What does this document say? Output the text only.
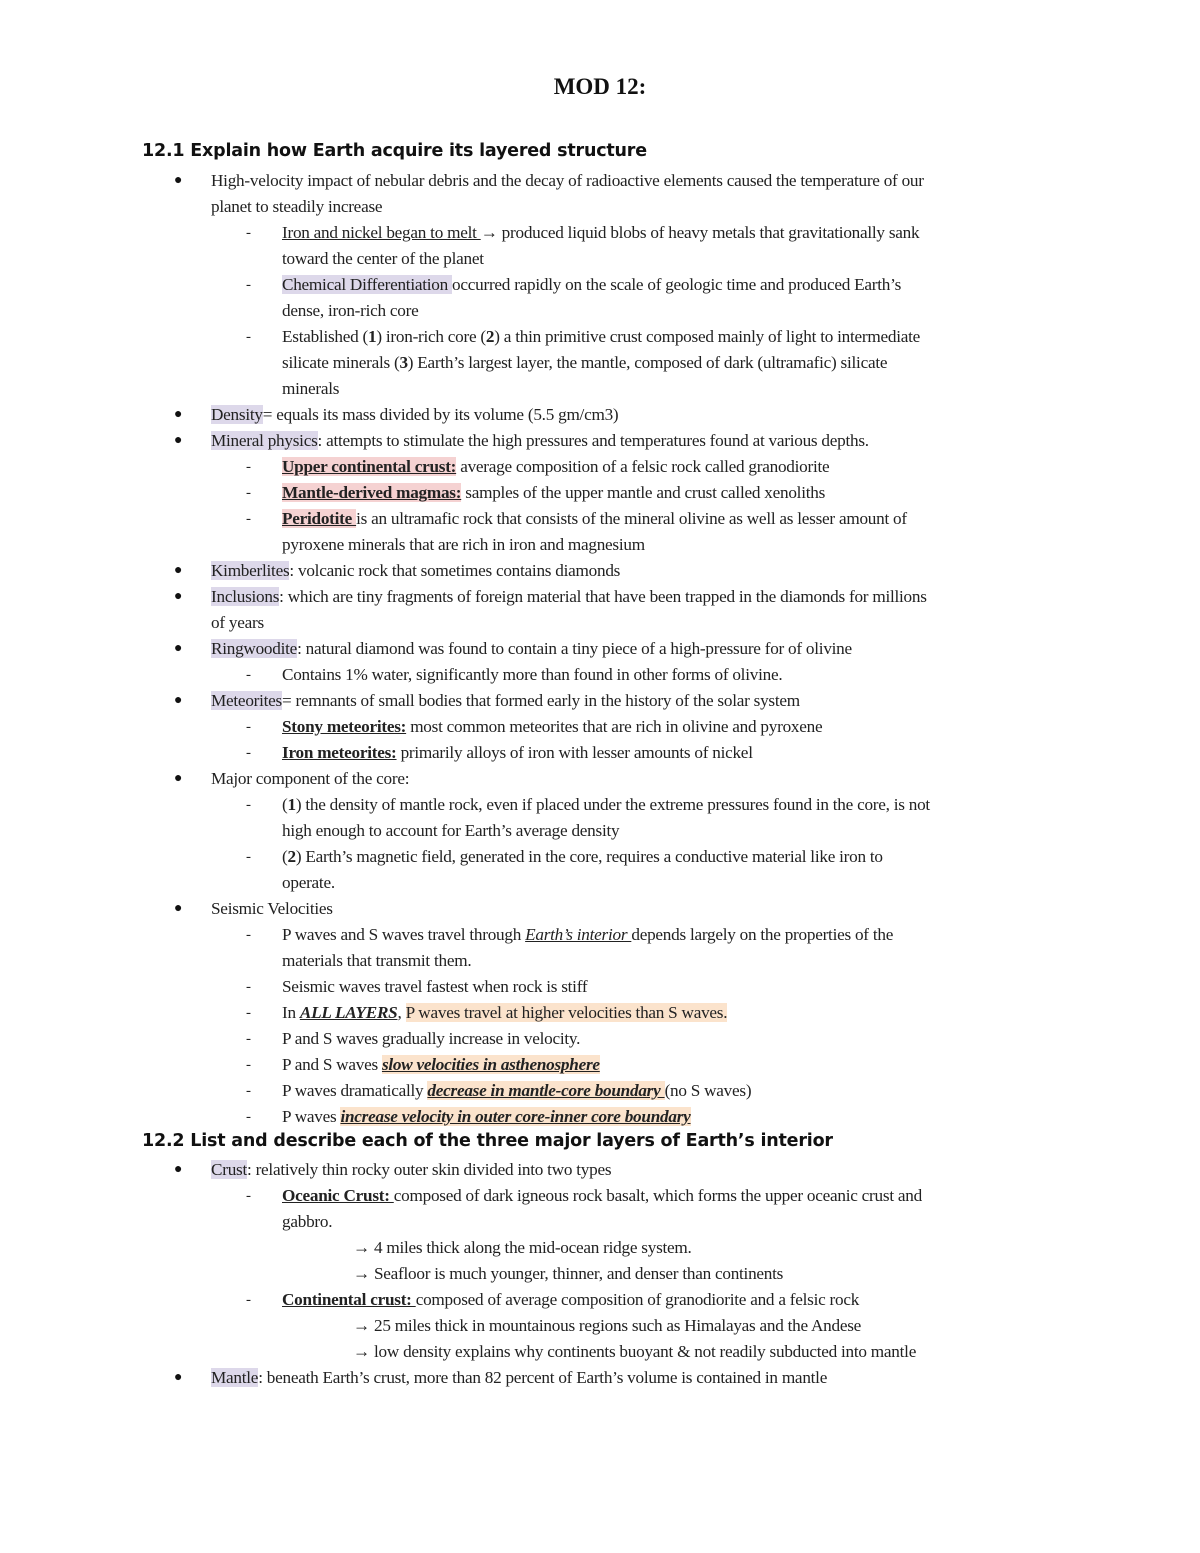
MOD 12:
12.1 Explain how Earth acquire its layered structure
● High-velocity impact of nebular debris and the decay of radioactive elements caused the temperature of our
planet to steadily increase
- Iron and nickel began to melt → produced liquid blobs of heavy metals that gravitationally sank
toward the center of the planet
- Chemical Differentiation occurred rapidly on the scale of geologic time and produced Earth’s
dense, iron-rich core
- Established (1) iron-rich core (2) a thin primitive crust composed mainly of light to intermediate
silicate minerals (3) Earth’s largest layer, the mantle, composed of dark (ultramafic) silicate
minerals
● Density= equals its mass divided by its volume (5.5 gm/cm3)
● Mineral physics: attempts to stimulate the high pressures and temperatures found at various depths.
- Upper continental crust: average composition of a felsic rock called granodiorite
- Mantle-derived magmas: samples of the upper mantle and crust called xenoliths
- Peridotite is an ultramafic rock that consists of the mineral olivine as well as lesser amount of
pyroxene minerals that are rich in iron and magnesium
● Kimberlites: volcanic rock that sometimes contains diamonds
● Inclusions: which are tiny fragments of foreign material that have been trapped in the diamonds for millions
of years
● Ringwoodite: natural diamond was found to contain a tiny piece of a high-pressure for of olivine
- Contains 1% water, significantly more than found in other forms of olivine.
● Meteorites= remnants of small bodies that formed early in the history of the solar system
- Stony meteorites: most common meteorites that are rich in olivine and pyroxene
- Iron meteorites: primarily alloys of iron with lesser amounts of nickel
● Major component of the core:
- (1) the density of mantle rock, even if placed under the extreme pressures found in the core, is not
high enough to account for Earth’s average density
- (2) Earth’s magnetic field, generated in the core, requires a conductive material like iron to
operate.
● Seismic Velocities
- P waves and S waves travel through Earth’s interior depends largely on the properties of the
materials that transmit them.
- Seismic waves travel fastest when rock is stiff
- In ALL LAYERS, P waves travel at higher velocities than S waves.
- P and S waves gradually increase in velocity.
- P and S waves slow velocities in asthenosphere
- P waves dramatically decrease in mantle-core boundary (no S waves)
- P waves increase velocity in outer core-inner core boundary
12.2 List and describe each of the three major layers of Earth’s interior
● Crust: relatively thin rocky outer skin divided into two types
- Oceanic Crust: composed of dark igneous rock basalt, which forms the upper oceanic crust and
gabbro.
→ 4 miles thick along the mid-ocean ridge system.
→ Seafloor is much younger, thinner, and denser than continents
- Continental crust: composed of average composition of granodiorite and a felsic rock
→ 25 miles thick in mountainous regions such as Himalayas and the Andese
→ low density explains why continents buoyant & not readily subducted into mantle
● Mantle: beneath Earth’s crust, more than 82 percent of Earth’s volume is contained in mantle
